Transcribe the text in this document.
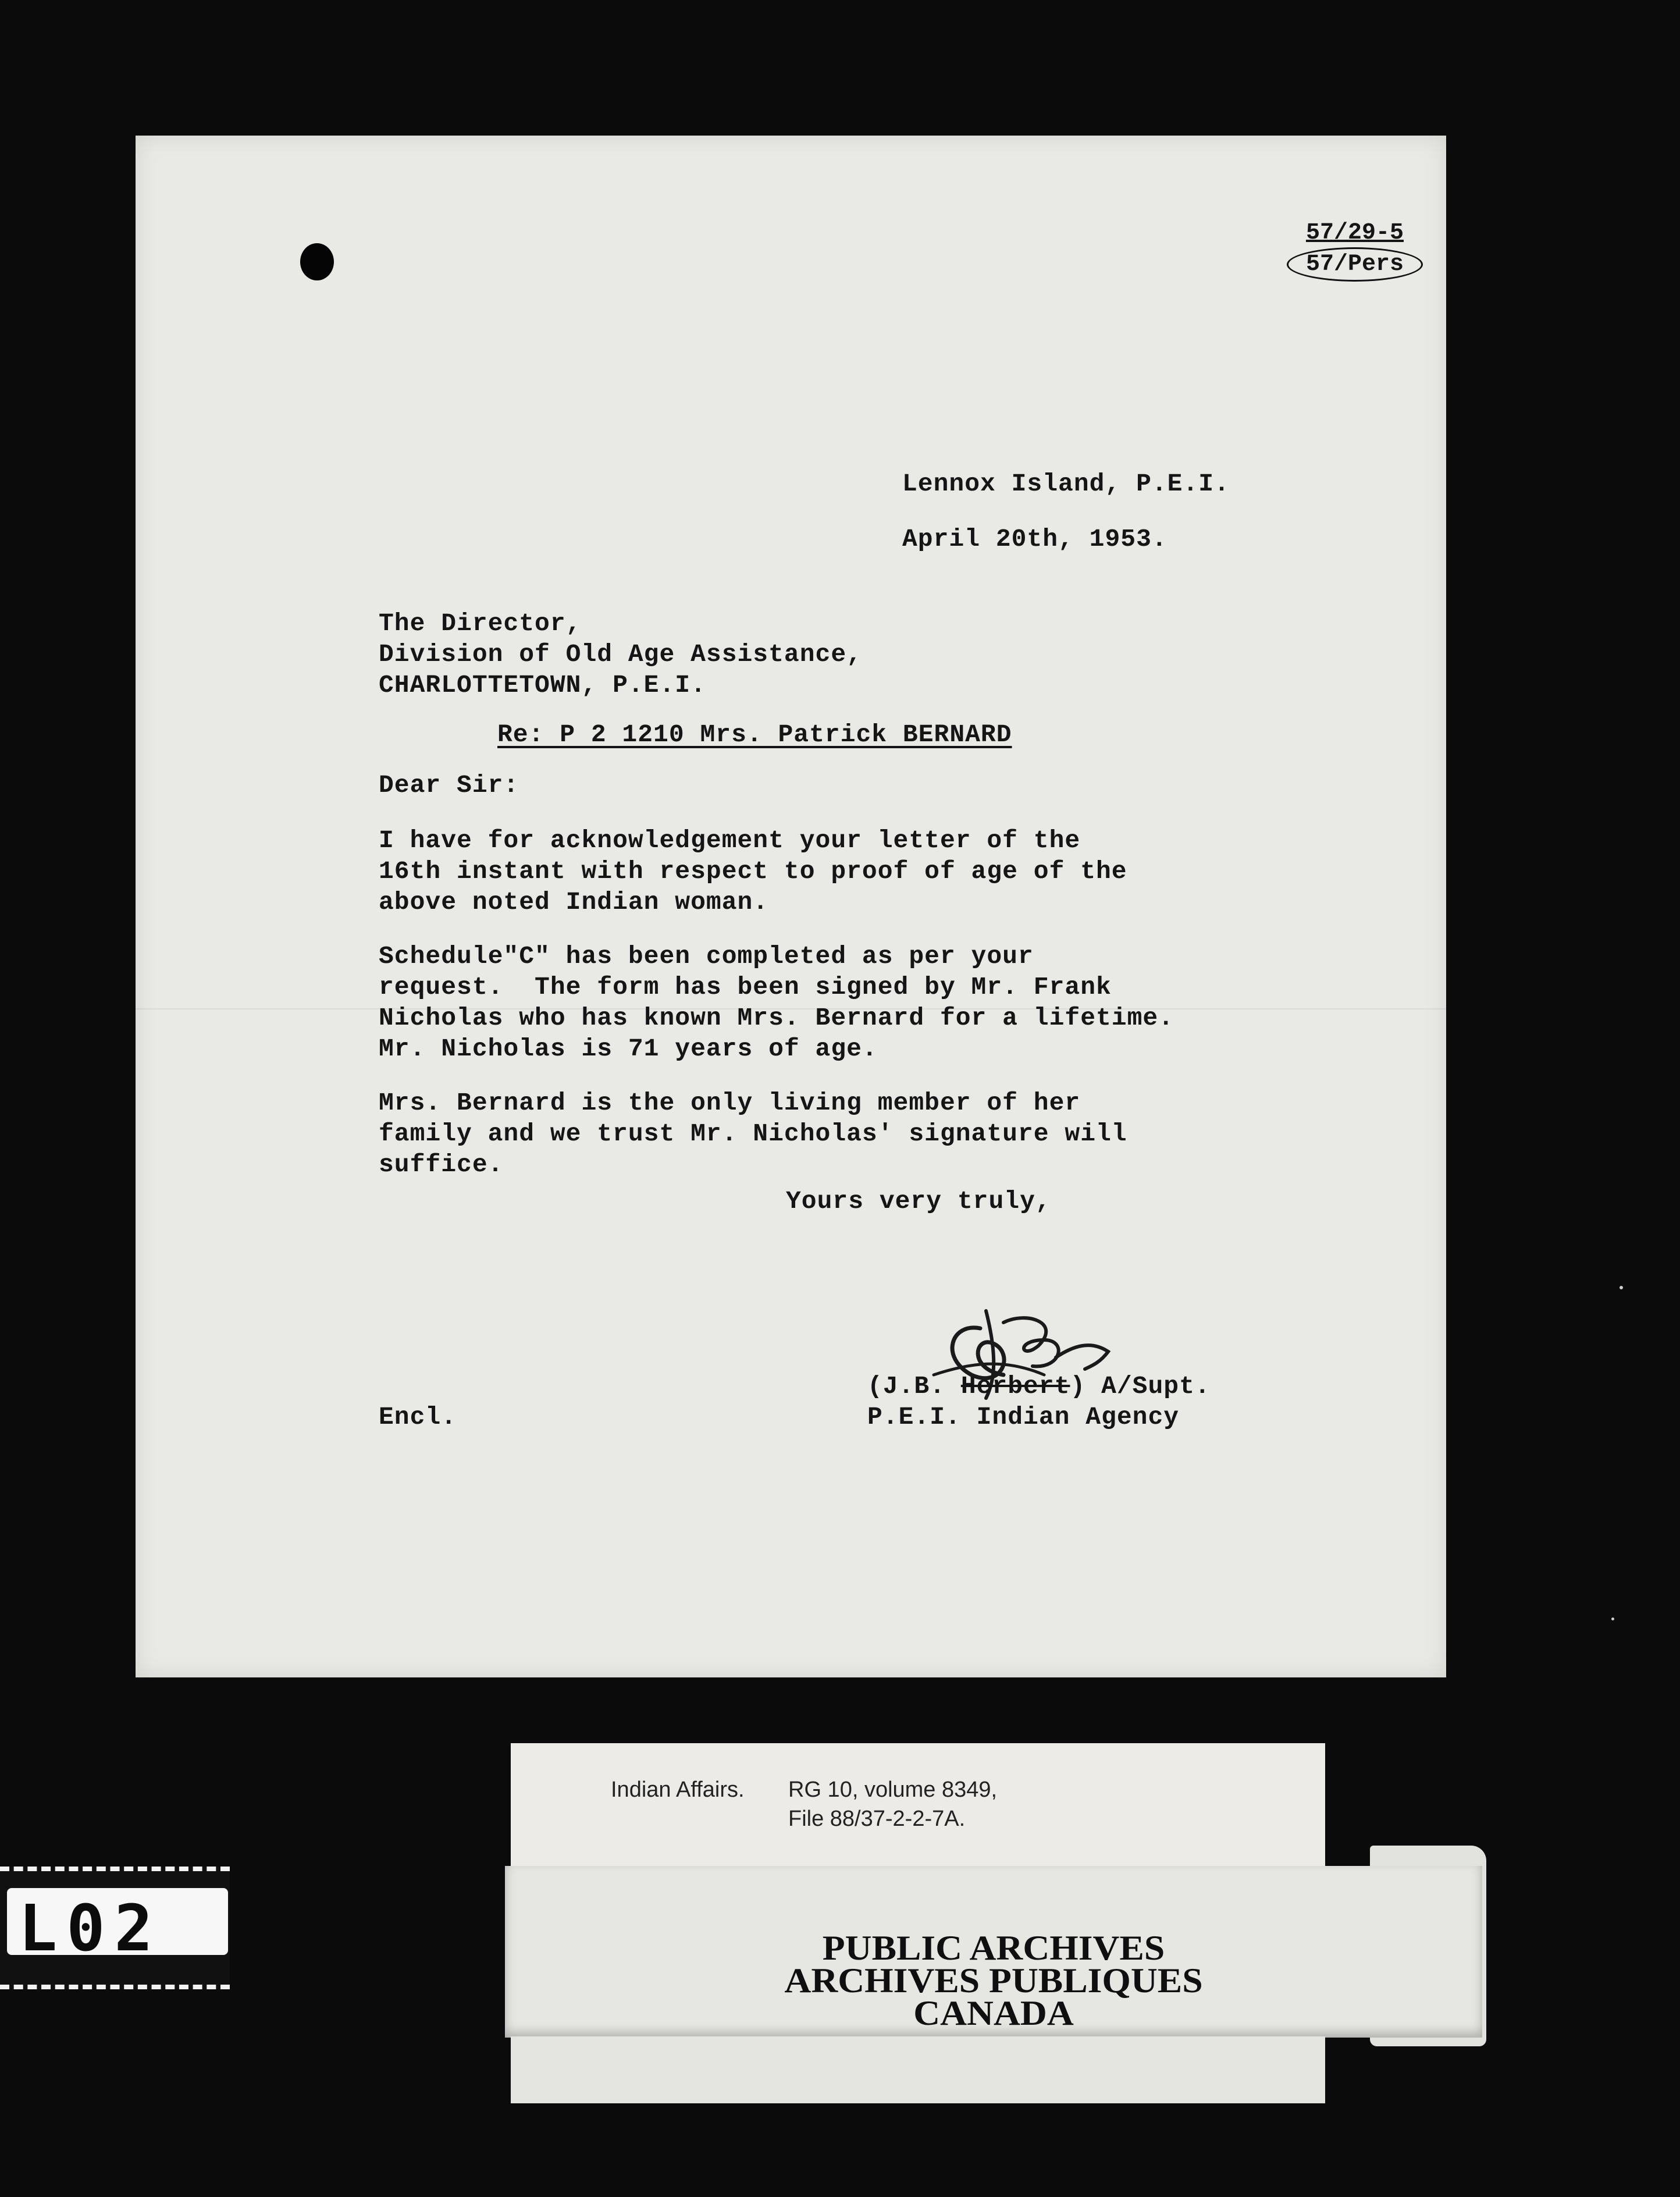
57/29-5
57/Pers
Lennox Island, P.E.I.
April 20th, 1953.
The Director,
Division of Old Age Assistance,
CHARLOTTETOWN, P.E.I.
Re: P 2 1210 Mrs. Patrick BERNARD
Dear Sir:
I have for acknowledgement your letter of the
16th instant with respect to proof of age of the
above noted Indian woman.
Schedule"C" has been completed as per your
request.  The form has been signed by Mr. Frank
Nicholas who has known Mrs. Bernard for a lifetime.
Mr. Nicholas is 71 years of age.
Mrs. Bernard is the only living member of her
family and we trust Mr. Nicholas' signature will
suffice.
Yours very truly,
(J.B. Herbert) A/Supt.
P.E.I. Indian Agency
Encl.
Indian Affairs. RG 10, volume 8349,
File 88/37-2-2-7A.
PUBLIC ARCHIVES
ARCHIVES PUBLIQUES
CANADA
L02
